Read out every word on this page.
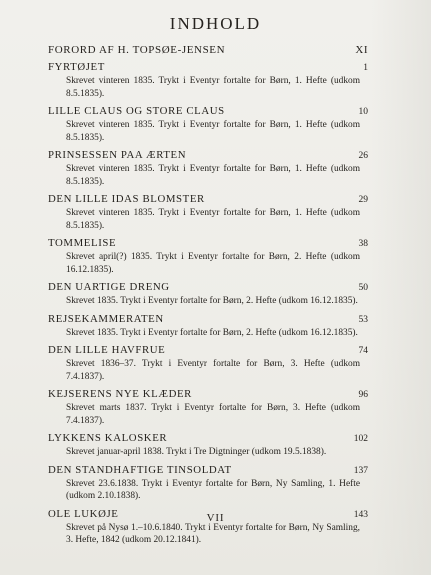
INDHOLD
FORORD AF H. TOPSØE-JENSEN	XI
FYRTØJET	1
Skrevet vinteren 1835. Trykt i Eventyr fortalte for Børn, 1. Hefte (udkom 8.5.1835).
LILLE CLAUS OG STORE CLAUS	10
Skrevet vinteren 1835. Trykt i Eventyr fortalte for Børn, 1. Hefte (udkom 8.5.1835).
PRINSESSEN PAA ÆRTEN	26
Skrevet vinteren 1835. Trykt i Eventyr fortalte for Børn, 1. Hefte (udkom 8.5.1835).
DEN LILLE IDAS BLOMSTER	29
Skrevet vinteren 1835. Trykt i Eventyr fortalte for Børn, 1. Hefte (udkom 8.5.1835).
TOMMELISE	38
Skrevet april(?) 1835. Trykt i Eventyr fortalte for Børn, 2. Hefte (udkom 16.12.1835).
DEN UARTIGE DRENG	50
Skrevet 1835. Trykt i Eventyr fortalte for Børn, 2. Hefte (udkom 16.12.1835).
REJSEKAMMERATEN	53
Skrevet 1835. Trykt i Eventyr fortalte for Børn, 2. Hefte (udkom 16.12.1835).
DEN LILLE HAVFRUE	74
Skrevet 1836–37. Trykt i Eventyr fortalte for Børn, 3. Hefte (udkom 7.4.1837).
KEJSERENS NYE KLÆDER	96
Skrevet marts 1837. Trykt i Eventyr fortalte for Børn, 3. Hefte (udkom 7.4.1837).
LYKKENS KALOSKER	102
Skrevet januar-april 1838. Trykt i Tre Digtninger (udkom 19.5.1838).
DEN STANDHAFTIGE TINSOLDAT	137
Skrevet 23.6.1838. Trykt i Eventyr fortalte for Børn, Ny Samling, 1. Hefte (udkom 2.10.1838).
OLE LUKØJE	143
Skrevet på Nysø 1.–10.6.1840. Trykt i Eventyr fortalte for Børn, Ny Samling, 3. Hefte, 1842 (udkom 20.12.1841).
VII
